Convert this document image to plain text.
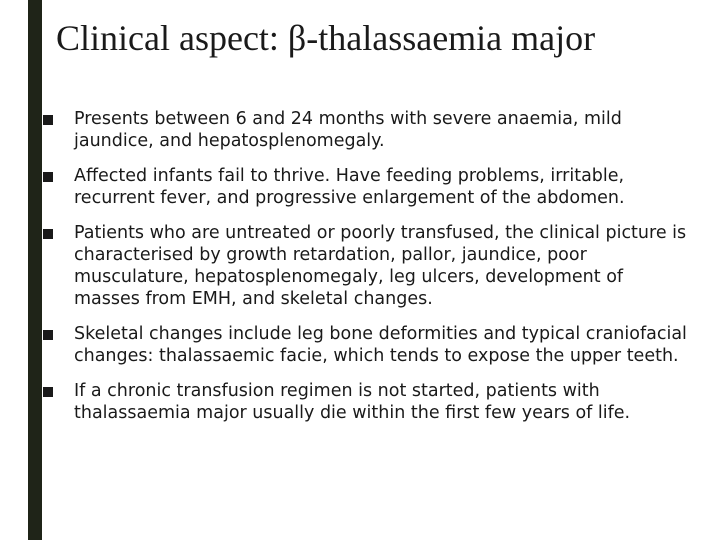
Clinical aspect: β-thalassaemia major
Presents between 6 and 24 months with severe anaemia, mild jaundice, and hepatosplenomegaly.
Affected infants fail to thrive. Have feeding problems, irritable, recurrent fever, and progressive enlargement of the abdomen.
Patients who are untreated or poorly transfused, the clinical picture is characterised by growth retardation, pallor, jaundice, poor musculature, hepatosplenomegaly, leg ulcers, development of masses from EMH, and skeletal changes.
Skeletal changes include leg bone deformities and typical craniofacial changes: thalassaemic facie, which tends to expose the upper teeth.
If a chronic transfusion regimen is not started, patients with thalassaemia major usually die within the first few years of life.
